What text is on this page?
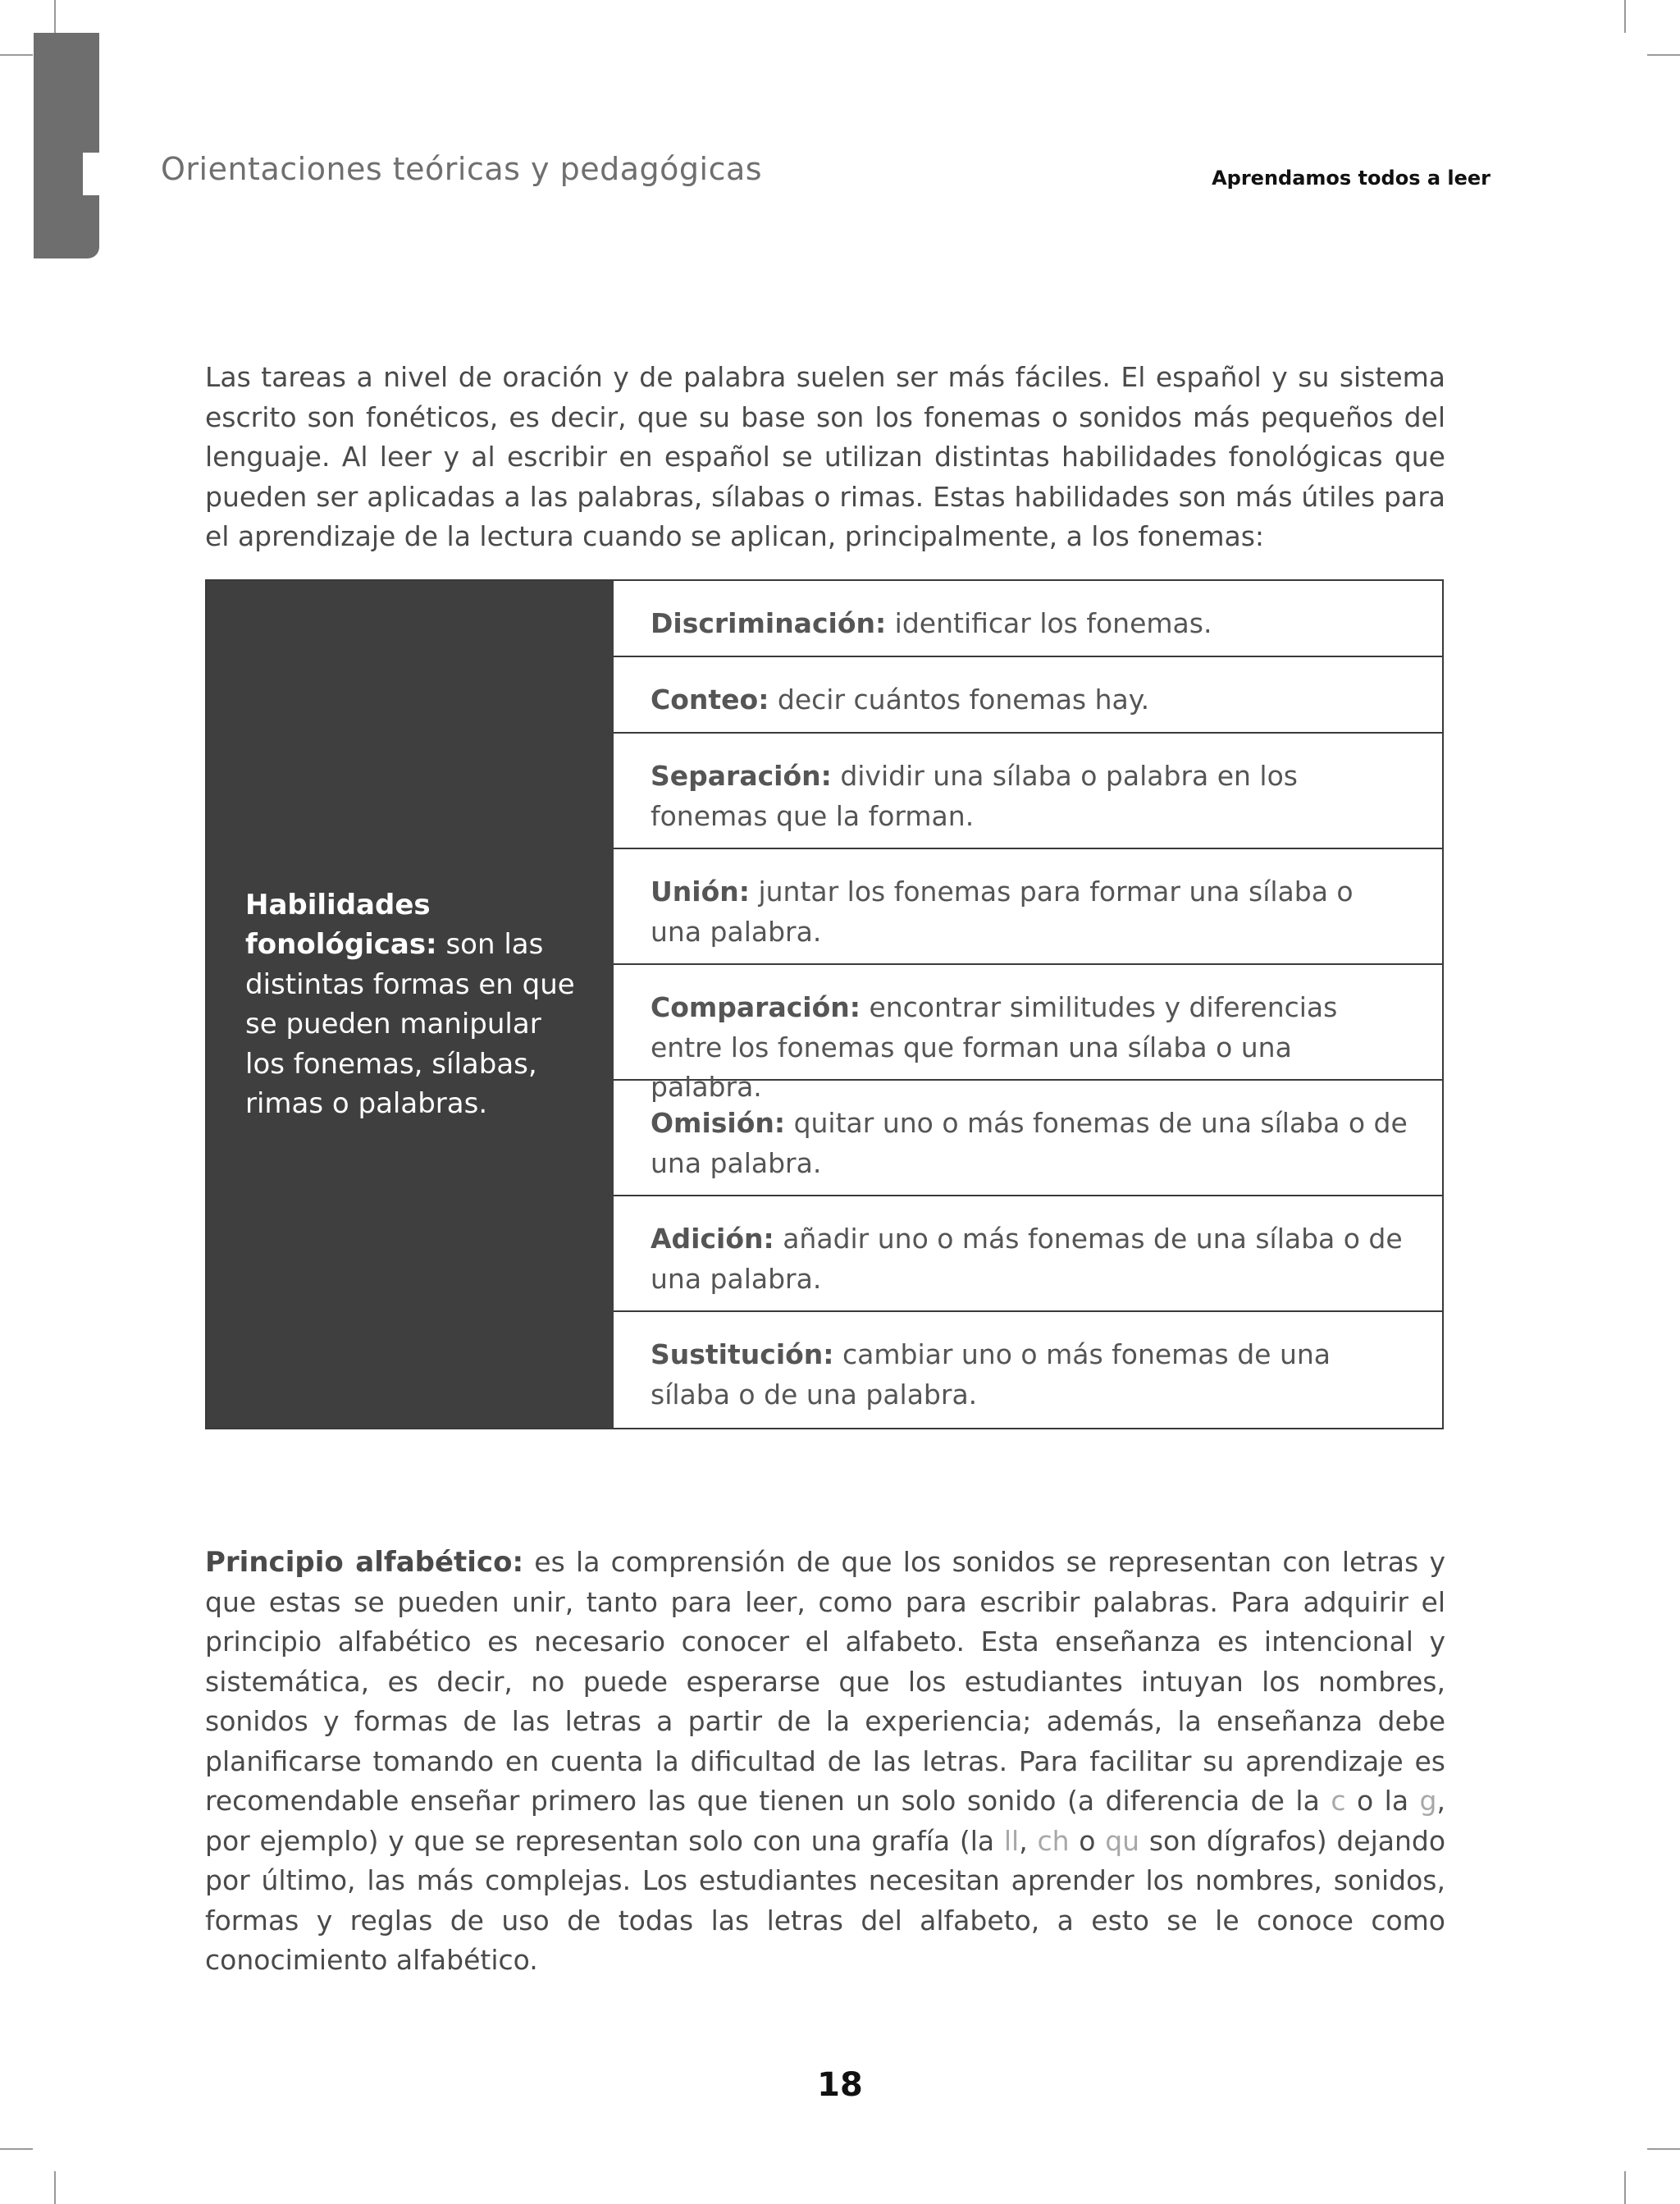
Orientaciones teóricas y pedagógicas	Aprendamos todos a leer

Las tareas a nivel de oración y de palabra suelen ser más fáciles. El español y su sistema escrito son fonéticos, es decir, que su base son los fonemas o sonidos más pequeños del lenguaje. Al leer y al escribir en español se utilizan distintas habilidades fonológicas que pueden ser aplicadas a las palabras, sílabas o rimas. Estas habilidades son más útiles para el aprendizaje de la lectura cuando se aplican, principalmente, a los fonemas:

Habilidades fonológicas: son las distintas formas en que se pueden manipular los fonemas, sílabas, rimas o palabras.

Discriminación: identificar los fonemas.
Conteo: decir cuántos fonemas hay.
Separación: dividir una sílaba o palabra en los fonemas que la forman.
Unión: juntar los fonemas para formar una sílaba o una palabra.
Comparación: encontrar similitudes y diferencias entre los fonemas que forman una sílaba o una palabra.
Omisión: quitar uno o más fonemas de una sílaba o de una palabra.
Adición: añadir uno o más fonemas de una sílaba o de una palabra.
Sustitución: cambiar uno o más fonemas de una sílaba o de una palabra.

Principio alfabético: es la comprensión de que los sonidos se representan con letras y que estas se pueden unir, tanto para leer, como para escribir palabras. Para adquirir el principio alfabético es necesario conocer el alfabeto. Esta enseñanza es intencional y sistemática, es decir, no puede esperarse que los estudiantes intuyan los nombres, sonidos y formas de las letras a partir de la experiencia; además, la enseñanza debe planificarse tomando en cuenta la dificultad de las letras. Para facilitar su aprendizaje es recomendable enseñar primero las que tienen un solo sonido (a diferencia de la c o la g, por ejemplo) y que se representan solo con una grafía (la ll, ch o qu son dígrafos) dejando por último, las más complejas. Los estudiantes necesitan aprender los nombres, sonidos, formas y reglas de uso de todas las letras del alfabeto, a esto se le conoce como conocimiento alfabético.

18
